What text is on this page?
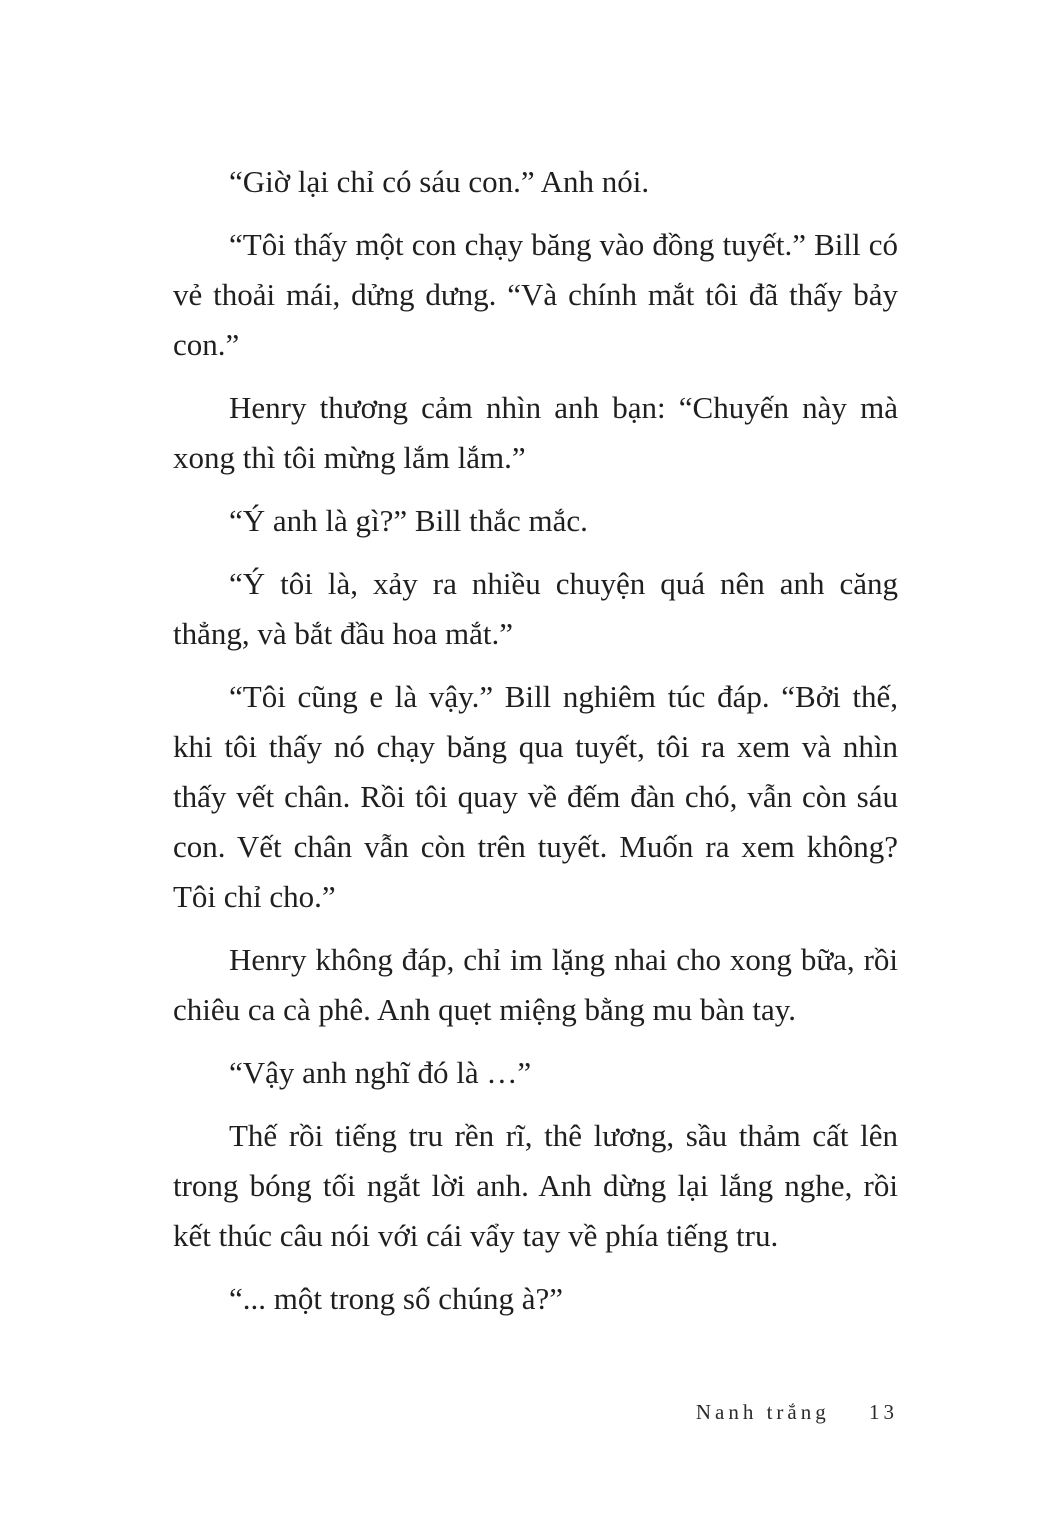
“Giờ lại chỉ có sáu con.” Anh nói.

“Tôi thấy một con chạy băng vào đồng tuyết.” Bill có vẻ thoải mái, dửng dưng. “Và chính mắt tôi đã thấy bảy con.”

Henry thương cảm nhìn anh bạn: “Chuyến này mà xong thì tôi mừng lắm lắm.”

“Ý anh là gì?” Bill thắc mắc.

“Ý tôi là, xảy ra nhiều chuyện quá nên anh căng thẳng, và bắt đầu hoa mắt.”

“Tôi cũng e là vậy.” Bill nghiêm túc đáp. “Bởi thế, khi tôi thấy nó chạy băng qua tuyết, tôi ra xem và nhìn thấy vết chân. Rồi tôi quay về đếm đàn chó, vẫn còn sáu con. Vết chân vẫn còn trên tuyết. Muốn ra xem không? Tôi chỉ cho.”

Henry không đáp, chỉ im lặng nhai cho xong bữa, rồi chiêu ca cà phê. Anh quẹt miệng bằng mu bàn tay.

“Vậy anh nghĩ đó là …”

Thế rồi tiếng tru rền rĩ, thê lương, sầu thảm cất lên trong bóng tối ngắt lời anh. Anh dừng lại lắng nghe, rồi kết thúc câu nói với cái vẩy tay về phía tiếng tru.

“... một trong số chúng à?”

Nanh trắng 13
